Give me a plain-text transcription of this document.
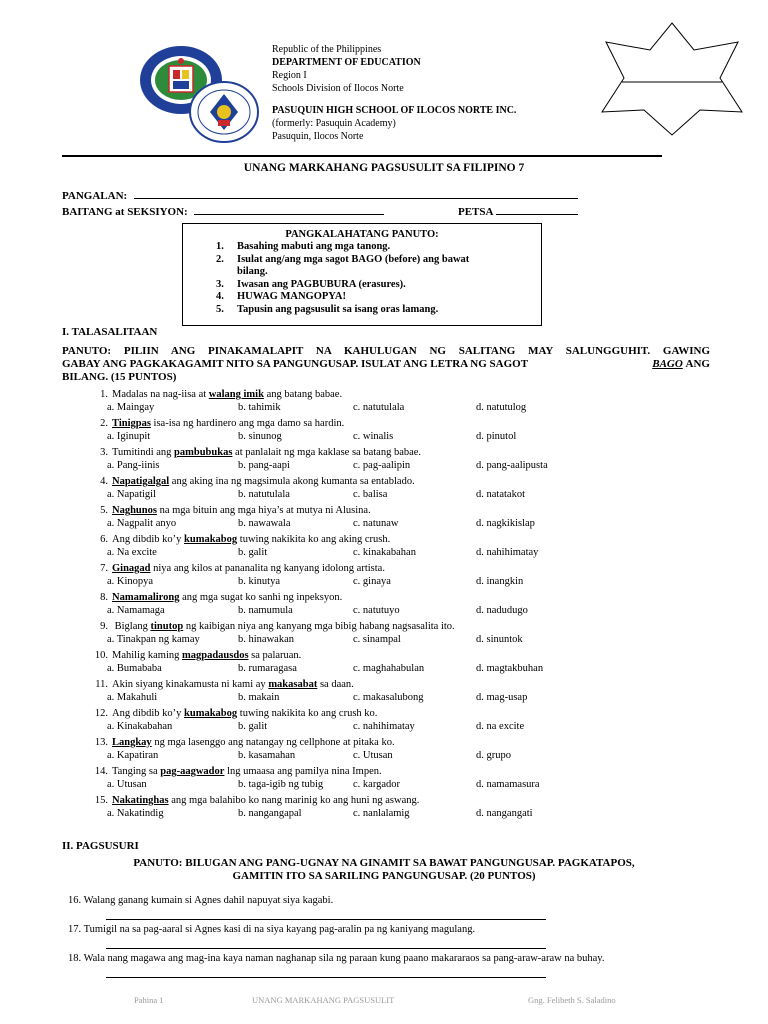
Republic of the Philippines
DEPARTMENT OF EDUCATION
Region I
Schools Division of Ilocos Norte
PASUQUIN HIGH SCHOOL OF ILOCOS NORTE INC.
(formerly: Pasuquin Academy)
Pasuquin, Ilocos Norte
UNANG MARKAHANG PAGSUSULIT SA FILIPINO 7
PANGALAN:
BAITANG at SEKSIYON:	PETSA
PANGKALAHATANG PANUTO:
1. Basahing mabuti ang mga tanong.
2. Isulat ang/ang mga sagot BAGO (before) ang bawat
bilang.
3. Iwasan ang PAGBUBURA (erasures).
4. HUWAG MANGOPYA!
5. Tapusin ang pagsusulit sa isang oras lamang.
I. TALASALITAAN
PANUTO: PILIIN ANG PINAKAMALAPIT NA KAHULUGAN NG SALITANG MAY SALUNGGUHIT. GAWING
GABAY ANG PAGKAKAGAMIT NITO SA PANGUNGUSAP. ISULAT ANG LETRA NG SAGOT	BAGO ANG
BILANG. (15 PUNTOS)
1. Madalas na nag-iisa at walang imik ang batang babae.
a. Maingay	b. tahimik	c. natutulala	d. natutulog
2. Tinigpas isa-isa ng hardinero ang mga damo sa hardin.
a. Iginupit	b. sinunog	c. winalis	d. pinutol
3. Tumitindi ang pambubukas at panlalait ng mga kaklase sa batang babae.
a. Pang-iinis	b. pang-aapi	c. pag-aalipin	d. pang-aalipusta
4. Napatigalgal ang aking ina ng magsimula akong kumanta sa entablado.
a. Napatigil	b. natutulala	c. balisa	d. natatakot
5. Naghunos na mga bituin ang mga hiya’s at mutya ni Alusina.
a. Nagpalit anyo	b. nawawala	c. natunaw	d. nagkikislap
6. Ang dibdib ko’y kumakabog tuwing nakikita ko ang aking crush.
a. Na excite	b. galit	c. kinakabahan	d. nahihimatay
7. Ginagad niya ang kilos at pananalita ng kanyang idolong artista.
a. Kinopya	b. kinutya	c. ginaya	d. inangkin
8. Namamalirong ang mga sugat ko sanhi ng inpeksyon.
a. Namamaga	b. namumula	c. natutuyo	d. nadudugo
9. Biglang tinutop ng kaibigan niya ang kanyang mga bibig habang nagsasalita ito.
a. Tinakpan ng kamay	b. hinawakan	c. sinampal	d. sinuntok
10. Mahilig kaming magpadausdos sa palaruan.
a. Bumababa	b. rumaragasa	c. maghahabulan	d. magtakbuhan
11. Akin siyang kinakamusta ni kami ay makasabat sa daan.
a. Makahuli	b. makain	c. makasalubong	d. mag-usap
12. Ang dibdib ko’y kumakabog tuwing nakikita ko ang crush ko.
a. Kinakabahan	b. galit	c. nahihimatay	d. na excite
13. Langkay ng mga lasenggo ang natangay ng cellphone at pitaka ko.
a. Kapatiran	b. kasamahan	c. Utusan	d. grupo
14. Tanging sa pag-aagwador lng umaasa ang pamilya nina Impen.
a. Utusan	b. taga-igib ng tubig	c. kargador	d. namamasura
15. Nakatinghas ang mga balahibo ko nang marinig ko ang huni ng aswang.
a. Nakatindig	b. nangangapal	c. nanlalamig	d. nangangati
II. PAGSUSURI
PANUTO: BILUGAN ANG PANG-UGNAY NA GINAMIT SA BAWAT PANGUNGUSAP. PAGKATAPOS,
GAMITIN ITO SA SARILING PANGUNGUSAP. (20 PUNTOS)
16. Walang ganang kumain si Agnes dahil napuyat siya kagabi.
17. Tumigil na sa pag-aaral si Agnes kasi di na siya kayang pag-aralin pa ng kaniyang magulang.
18. Wala nang magawa ang mag-ina kaya naman naghanap sila ng paraan kung paano makararaos sa pang-araw-araw na buhay.
Pahina 1	UNANG MARKAHANG PAGSUSULIT	Gng. Felibeth S. Saladino
